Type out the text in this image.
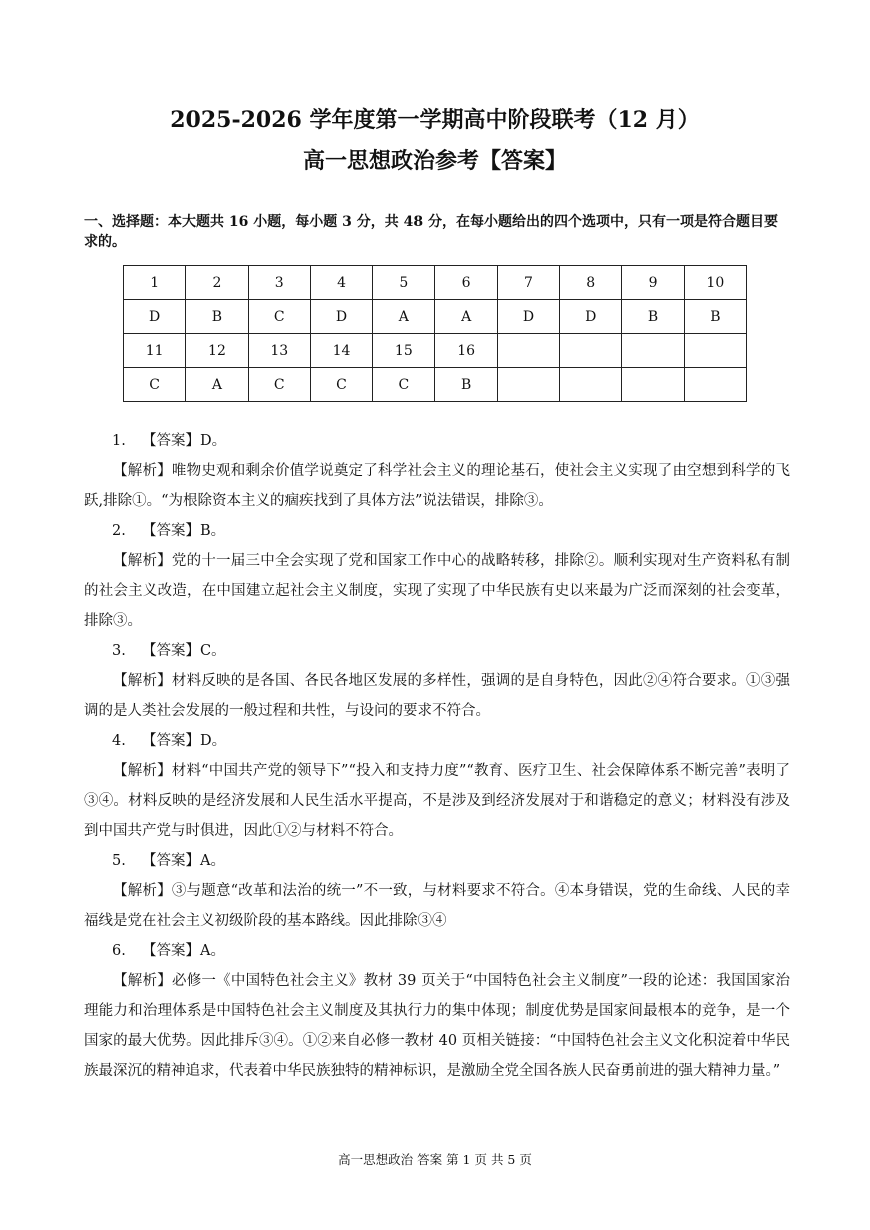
2025-2026 学年度第一学期高中阶段联考（12 月）
高一思想政治参考【答案】
一、选择题：本大题共 16 小题，每小题 3 分，共 48 分，在每小题给出的四个选项中，只有一项是符合题目要求的。
1	2	3	4	5	6	7	8	9	10
D	B	C	D	A	A	D	D	B	B
11	12	13	14	15	16				
C	A	C	C	C	B				
1. 【答案】D。

【解析】唯物史观和剩余价值学说奠定了科学社会主义的理论基石，使社会主义实现了由空想到科学的飞跃,排除①。“为根除资本主义的痼疾找到了具体方法”说法错误，排除③。

2. 【答案】B。

【解析】党的十一届三中全会实现了党和国家工作中心的战略转移，排除②。顺利实现对生产资料私有制的社会主义改造，在中国建立起社会主义制度，实现了实现了中华民族有史以来最为广泛而深刻的社会变革，排除③。

3. 【答案】C。

【解析】材料反映的是各国、各民各地区发展的多样性，强调的是自身特色，因此②④符合要求。①③强调的是人类社会发展的一般过程和共性，与设问的要求不符合。

4. 【答案】D。

【解析】材料“中国共产党的领导下”“投入和支持力度”“教育、医疗卫生、社会保障体系不断完善”表明了③④。材料反映的是经济发展和人民生活水平提高，不是涉及到经济发展对于和谐稳定的意义；材料没有涉及到中国共产党与时俱进，因此①②与材料不符合。

5. 【答案】A。

【解析】③与题意“改革和法治的统一”不一致，与材料要求不符合。④本身错误，党的生命线、人民的幸福线是党在社会主义初级阶段的基本路线。因此排除③④

6. 【答案】A。

【解析】必修一《中国特色社会主义》教材 39 页关于“中国特色社会主义制度”一段的论述：我国国家治理能力和治理体系是中国特色社会主义制度及其执行力的集中体现；制度优势是国家间最根本的竞争，是一个国家的最大优势。因此排斥③④。①②来自必修一教材 40 页相关链接：“中国特色社会主义文化积淀着中华民族最深沉的精神追求，代表着中华民族独特的精神标识，是激励全党全国各族人民奋勇前进的强大精神力量。”

高一思想政治 答案 第 1 页 共 5 页
